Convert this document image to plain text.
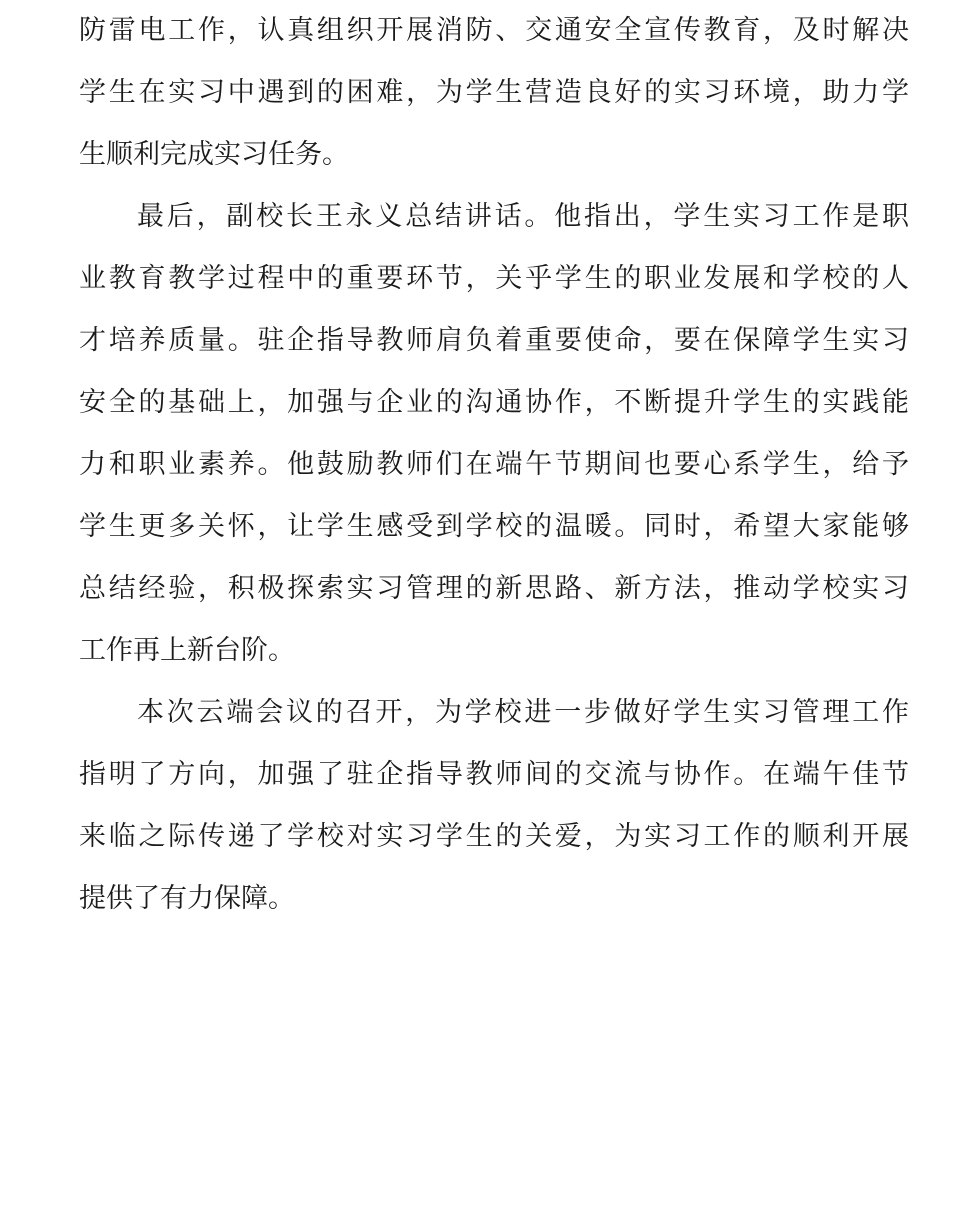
防雷电工作，认真组织开展消防、交通安全宣传教育，及时解决
学生在实习中遇到的困难，为学生营造良好的实习环境，助力学
生顺利完成实习任务。
最后，副校长王永义总结讲话。他指出，学生实习工作是职
业教育教学过程中的重要环节，关乎学生的职业发展和学校的人
才培养质量。驻企指导教师肩负着重要使命，要在保障学生实习
安全的基础上，加强与企业的沟通协作，不断提升学生的实践能
力和职业素养。他鼓励教师们在端午节期间也要心系学生，给予
学生更多关怀，让学生感受到学校的温暖。同时，希望大家能够
总结经验，积极探索实习管理的新思路、新方法，推动学校实习
工作再上新台阶。
本次云端会议的召开，为学校进一步做好学生实习管理工作
指明了方向，加强了驻企指导教师间的交流与协作。在端午佳节
来临之际传递了学校对实习学生的关爱，为实习工作的顺利开展
提供了有力保障。
